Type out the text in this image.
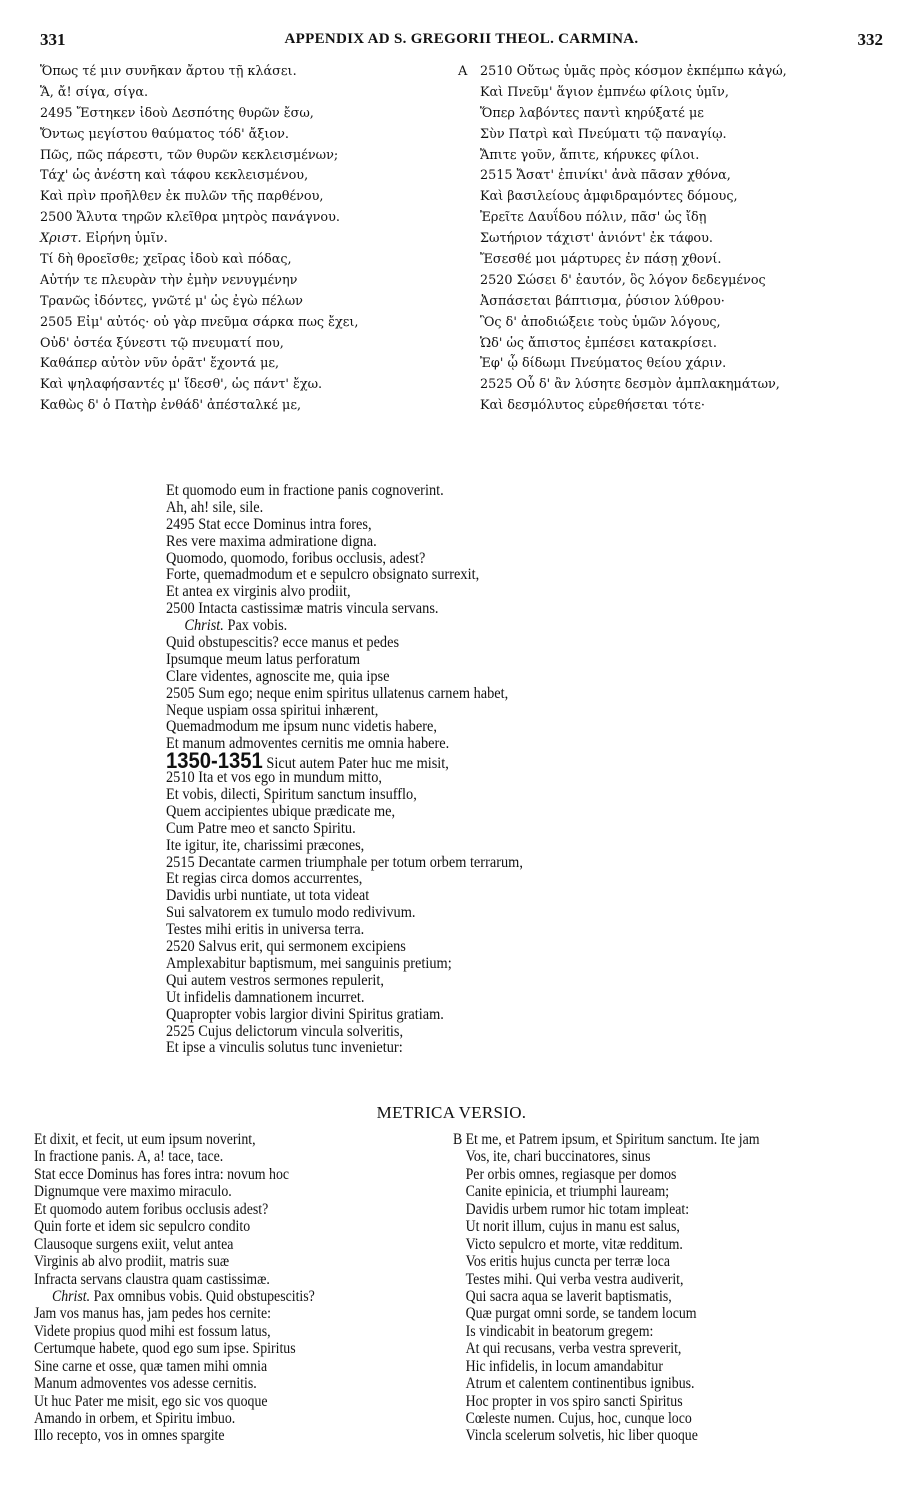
331	APPENDIX AD S. GREGORII THEOL. CARMINA.	332
Ὅπως τέ μιν συνῆκαν ἄρτου τῇ κλάσει.
Ἅ, ἄ! σίγα, σίγα.
2495 Ἔστηκεν ἰδοὺ Δεσπότης θυρῶν ἔσω,
Ὄντως μεγίστου θαύματος τόδ' ἄξιον.
Πῶς, πῶς πάρεστι, τῶν θυρῶν κεκλεισμένων;
Τάχ' ὡς ἀνέστη καὶ τάφου κεκλεισμένου,
Καὶ πρὶν προῆλθεν ἐκ πυλῶν τῆς παρθένου,
2500 Ἄλυτα τηρῶν κλεῖθρα μητρὸς πανάγνου.
Χριστ. Εἰρήνη ὑμῖν.
Τί δὴ θροεῖσθε; χεῖρας ἰδοὺ καὶ πόδας,
Αὐτήν τε πλευρὰν τὴν ἐμὴν νενυγμένην
Τρανῶς ἰδόντες, γνῶτέ μ' ὡς ἐγὼ πέλων
2505 Εἰμ' αὐτός· οὐ γὰρ πνεῦμα σάρκα πως ἔχει,
Οὐδ' ὀστέα ξύνεστι τῷ πνευματί που,
Καθάπερ αὐτὸν νῦν ὁρᾶτ' ἔχοντά με,
Καὶ ψηλαφήσαντές μ' ἴδεσθ', ὡς πάντ' ἔχω.
Καθὼς δ' ὁ Πατὴρ ἐνθάδ' ἀπέσταλκέ με,
A 2510 Οὕτως ὑμᾶς πρὸς κόσμον ἐκπέμπω κἀγώ,
Καὶ Πνεῦμ' ἅγιον ἐμπνέω φίλοις ὑμῖν,
Ὅπερ λαβόντες παντὶ κηρύξατέ με
Σὺν Πατρὶ καὶ Πνεύματι τῷ παναγίῳ.
Ἄπιτε γοῦν, ἄπιτε, κήρυκες φίλοι.
2515 Ἄσατ' ἐπινίκι' ἀνὰ πᾶσαν χθόνα,
Καὶ βασιλείους ἀμφιδραμόντες δόμους,
Ἐρεῖτε Δαυΐδου πόλιν, πᾶσ' ὡς ἴδῃ
Σωτήριον τάχιστ' ἀνιόντ' ἐκ τάφου.
Ἔσεσθέ μοι μάρτυρες ἐν πάσῃ χθονί.
2520 Σώσει δ' ἑαυτόν, ὃς λόγον δεδεγμένος
Ἀσπάσεται βάπτισμα, ῥύσιον λύθρου·
Ὃς δ' ἀποδιώξειε τοὺς ὑμῶν λόγους,
Ὡδ' ὡς ἄπιστος ἐμπέσει κατακρίσει.
Ἐφ' ᾧ δίδωμι Πνεύματος θείου χάριν.
2525 Οὗ δ' ἂν λύσητε δεσμὸν ἀμπλακημάτων,
Καὶ δεσμόλυτος εὑρεθήσεται τότε·
Et quomodo eum in fractione panis cognoverint.
Ah, ah! sile, sile.
2495 Stat ecce Dominus intra fores,
Res vere maxima admiratione digna.
Quomodo, quomodo, foribus occlusis, adest?
Forte, quemadmodum et e sepulcro obsignato surrexit,
Et antea ex virginis alvo prodiit,
2500 Intacta castissimæ matris vincula servans.
Christ. Pax vobis.
Quid obstupescitis? ecce manus et pedes
Ipsumque meum latus perforatum
Clare videntes, agnoscite me, quia ipse
2505 Sum ego; neque enim spiritus ullatenus carnem habet,
Neque uspiam ossa spiritui inhærent,
Quemadmodum me ipsum nunc videtis habere,
Et manum admoventes cernitis me omnia habere.
1350-1351 Sicut autem Pater huc me misit,
2510 Ita et vos ego in mundum mitto,
Et vobis, dilecti, Spiritum sanctum insufflo,
Quem accipientes ubique prædicate me,
Cum Patre meo et sancto Spiritu.
Ite igitur, ite, charissimi præcones,
2515 Decantate carmen triumphale per totum orbem terrarum,
Et regias circa domos accurrentes,
Davidis urbi nuntiate, ut tota videat
Sui salvatorem ex tumulo modo redivivum.
Testes mihi eritis in universa terra.
2520 Salvus erit, qui sermonem excipiens
Amplexabitur baptismum, mei sanguinis pretium;
Qui autem vestros sermones repulerit,
Ut infidelis damnationem incurret.
Quapropter vobis largior divini Spiritus gratiam.
2525 Cujus delictorum vincula solveritis,
Et ipse a vinculis solutus tunc invenietur:
METRICA VERSIO.
Et dixit, et fecit, ut eum ipsum noverint,
In fractione panis. A, a! tace, tace.
Stat ecce Dominus has fores intra: novum hoc
Dignumque vere maximo miraculo.
Et quomodo autem foribus occlusis adest?
Quin forte et idem sic sepulcro condito
Clausoque surgens exiit, velut antea
Virginis ab alvo prodiit, matris suæ
Infracta servans claustra quam castissimæ.
Christ. Pax omnibus vobis. Quid obstupescitis?
Jam vos manus has, jam pedes hos cernite:
Videte propius quod mihi est fossum latus,
Certumque habete, quod ego sum ipse. Spiritus
Sine carne et osse, quæ tamen mihi omnia
Manum admoventes vos adesse cernitis.
Ut huc Pater me misit, ego sic vos quoque
Amando in orbem, et Spiritu imbuo.
Illo recepto, vos in omnes spargite
B Et me, et Patrem ipsum, et Spiritum sanctum. Ite jam
Vos, ite, chari buccinatores, sinus
Per orbis omnes, regiasque per domos
Canite epinicia, et triumphi lauream;
Davidis urbem rumor hic totam impleat:
Ut norit illum, cujus in manu est salus,
Victo sepulcro et morte, vitæ redditum.
Vos eritis hujus cuncta per terræ loca
Testes mihi. Qui verba vestra audiverit,
Qui sacra aqua se laverit baptismatis,
Quæ purgat omni sorde, se tandem locum
Is vindicabit in beatorum gregem:
At qui recusans, verba vestra spreverit,
Hic infidelis, in locum amandabitur
Atrum et calentem continentibus ignibus.
Hoc propter in vos spiro sancti Spiritus
Cœleste numen. Cujus, hoc, cunque loco
Vincla scelerum solvetis, hic liber quoque
